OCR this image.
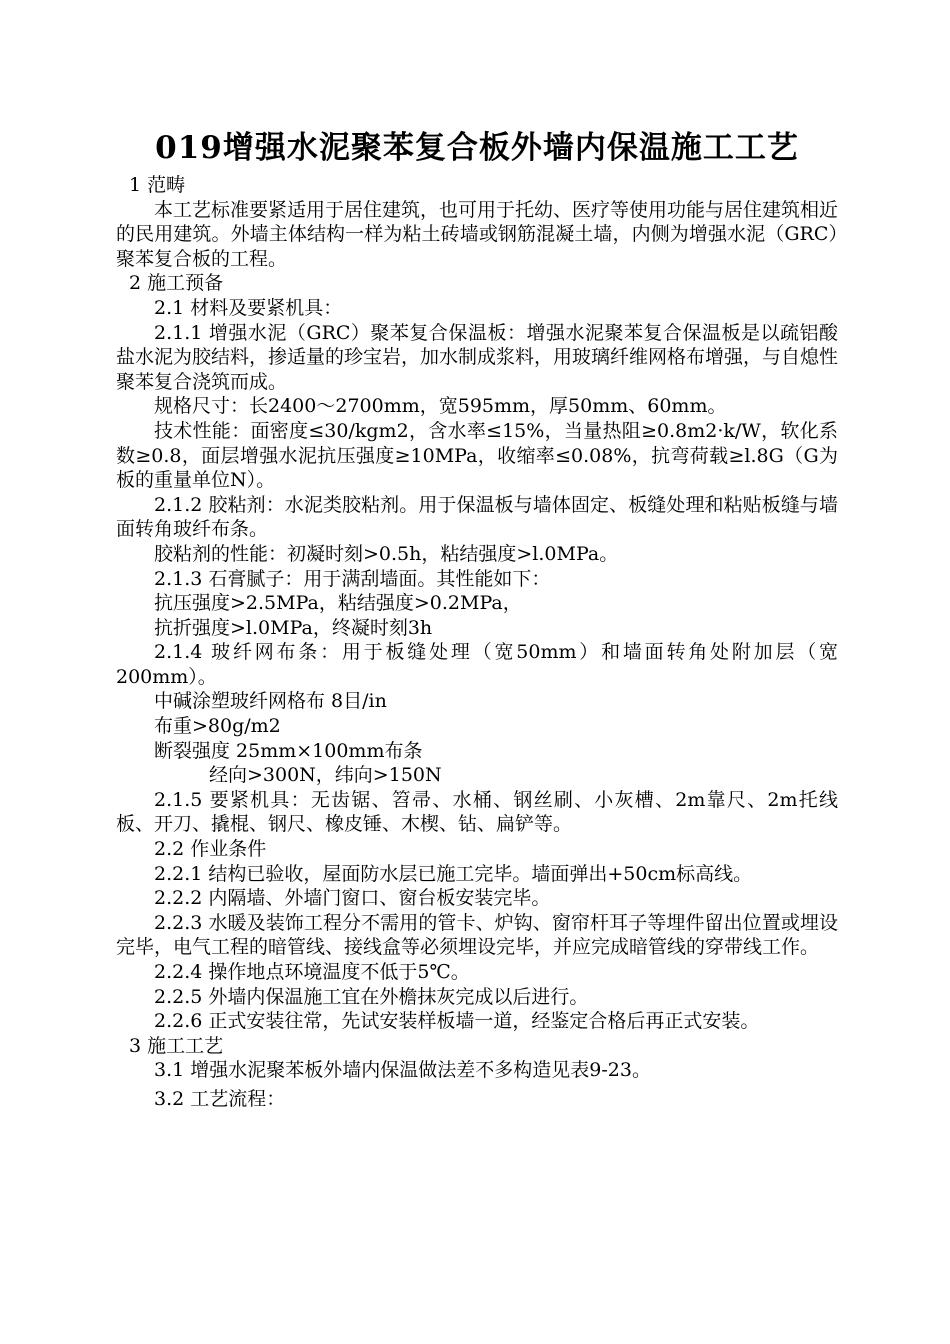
019增强水泥聚苯复合板外墙内保温施工工艺

1 范畴

本工艺标准要紧适用于居住建筑，也可用于托幼、医疗等使用功能与居住建筑相近的民用建筑。外墙主体结构一样为粘土砖墙或钢筋混凝土墙，内侧为增强水泥（GRC）聚苯复合板的工程。

2 施工预备

2.1 材料及要紧机具：

2.1.1 增强水泥（GRC）聚苯复合保温板：增强水泥聚苯复合保温板是以疏铝酸盐水泥为胶结料，掺适量的珍宝岩，加水制成浆料，用玻璃纤维网格布增强，与自熄性聚苯复合浇筑而成。

规格尺寸：长2400～2700mm，宽595mm，厚50mm、60mm。

技术性能：面密度≤30/kgm2，含水率≤15%，当量热阻≥0.8m2·k/W，软化系数≥0.8，面层增强水泥抗压强度≥10MPa，收缩率≤0.08%，抗弯荷载≥l.8G（G为板的重量单位N）。

2.1.2 胶粘剂：水泥类胶粘剂。用于保温板与墙体固定、板缝处理和粘贴板缝与墙面转角玻纤布条。

胶粘剂的性能：初凝时刻>0.5h，粘结强度>l.0MPa。

2.1.3 石膏腻子：用于满刮墙面。其性能如下：

抗压强度>2.5MPa，粘结强度>0.2MPa，

抗折强度>l.0MPa，终凝时刻3h

2.1.4 玻纤网布条：用于板缝处理（宽50mm）和墙面转角处附加层（宽200mm）。

中碱涂塑玻纤网格布 8目/in

布重>80g/m2

断裂强度 25mm×100mm布条

经向>300N，纬向>150N

2.1.5 要紧机具：无齿锯、笤帚、水桶、钢丝刷、小灰槽、2m靠尺、2m托线板、开刀、撬棍、钢尺、橡皮锤、木楔、钻、扁铲等。

2.2 作业条件

2.2.1 结构已验收，屋面防水层已施工完毕。墙面弹出+50cm标高线。

2.2.2 内隔墙、外墙门窗口、窗台板安装完毕。

2.2.3 水暖及装饰工程分不需用的管卡、炉钩、窗帘杆耳子等埋件留出位置或埋设完毕，电气工程的暗管线、接线盒等必须埋设完毕，并应完成暗管线的穿带线工作。

2.2.4 操作地点环境温度不低于5℃。

2.2.5 外墙内保温施工宜在外檐抹灰完成以后进行。

2.2.6 正式安装往常，先试安装样板墙一道，经鉴定合格后再正式安装。

3 施工工艺

3.1 增强水泥聚苯板外墙内保温做法差不多构造见表9-23。

3.2 工艺流程：
